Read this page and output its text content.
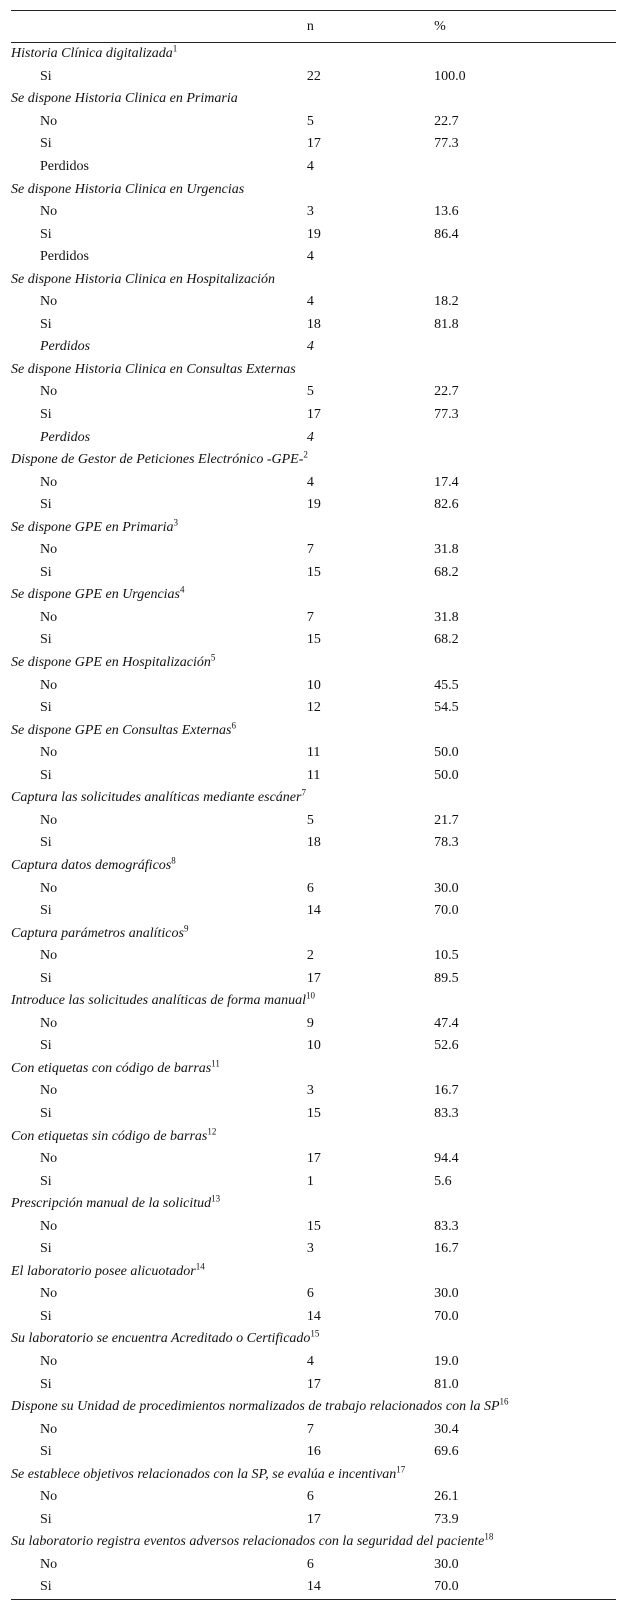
	n	%
Historia Clínica digitalizada$^1$
Si	22	100.0
Se dispone Historia Clinica en Primaria		
No	5	22.7
Si	17	77.3
Perdidos	4	
Se dispone Historia Clinica en Urgencias		
No	3	13.6
Si	19	86.4
Perdidos	4	
Se dispone Historia Clinica en Hospitalización		
No	4	18.2
Si	18	81.8
Perdidos	4	
Se dispone Historia Clinica en Consultas Externas		
No	5	22.7
Si	17	77.3
Perdidos	4	
Dispone de Gestor de Peticiones Electrónico -GPE-$^2$
No	4	17.4
Si	19	82.6
Se dispone GPE en Primaria$^3$
No	7	31.8
Si	15	68.2
Se dispone GPE en Urgencias$^4$
No	7	31.8
Si	15	68.2
Se dispone GPE en Hospitalización$^5$
No	10	45.5
Si	12	54.5
Se dispone GPE en Consultas Externas$^6$
No	11	50.0
Si	11	50.0
Captura las solicitudes analíticas mediante escáner$^7$
No	5	21.7
Si	18	78.3
Captura datos demográficos$^8$
No	6	30.0
Si	14	70.0
Captura parámetros analíticos$^9$
No	2	10.5
Si	17	89.5
Introduce las solicitudes analíticas de forma manual$^{10}$
No	9	47.4
Si	10	52.6
Con etiquetas con código de barras$^{11}$
No	3	16.7
Si	15	83.3
Con etiquetas sin código de barras$^{12}$
No	17	94.4
Si	1	5.6
Prescripción manual de la solicitud$^{13}$
No	15	83.3
Si	3	16.7
El laboratorio posee alicuotador$^{14}$
No	6	30.0
Si	14	70.0
Su laboratorio se encuentra Acreditado o Certificado$^{15}$
No	4	19.0
Si	17	81.0
Dispone su Unidad de procedimientos normalizados de trabajo relacionados con la SP$^{16}$
No	7	30.4
Si	16	69.6
Se establece objetivos relacionados con la SP, se evalúa e incentivan$^{17}$
No	6	26.1
Si	17	73.9
Su laboratorio registra eventos adversos relacionados con la seguridad del paciente$^{18}$
No	6	30.0
Si	14	70.0
